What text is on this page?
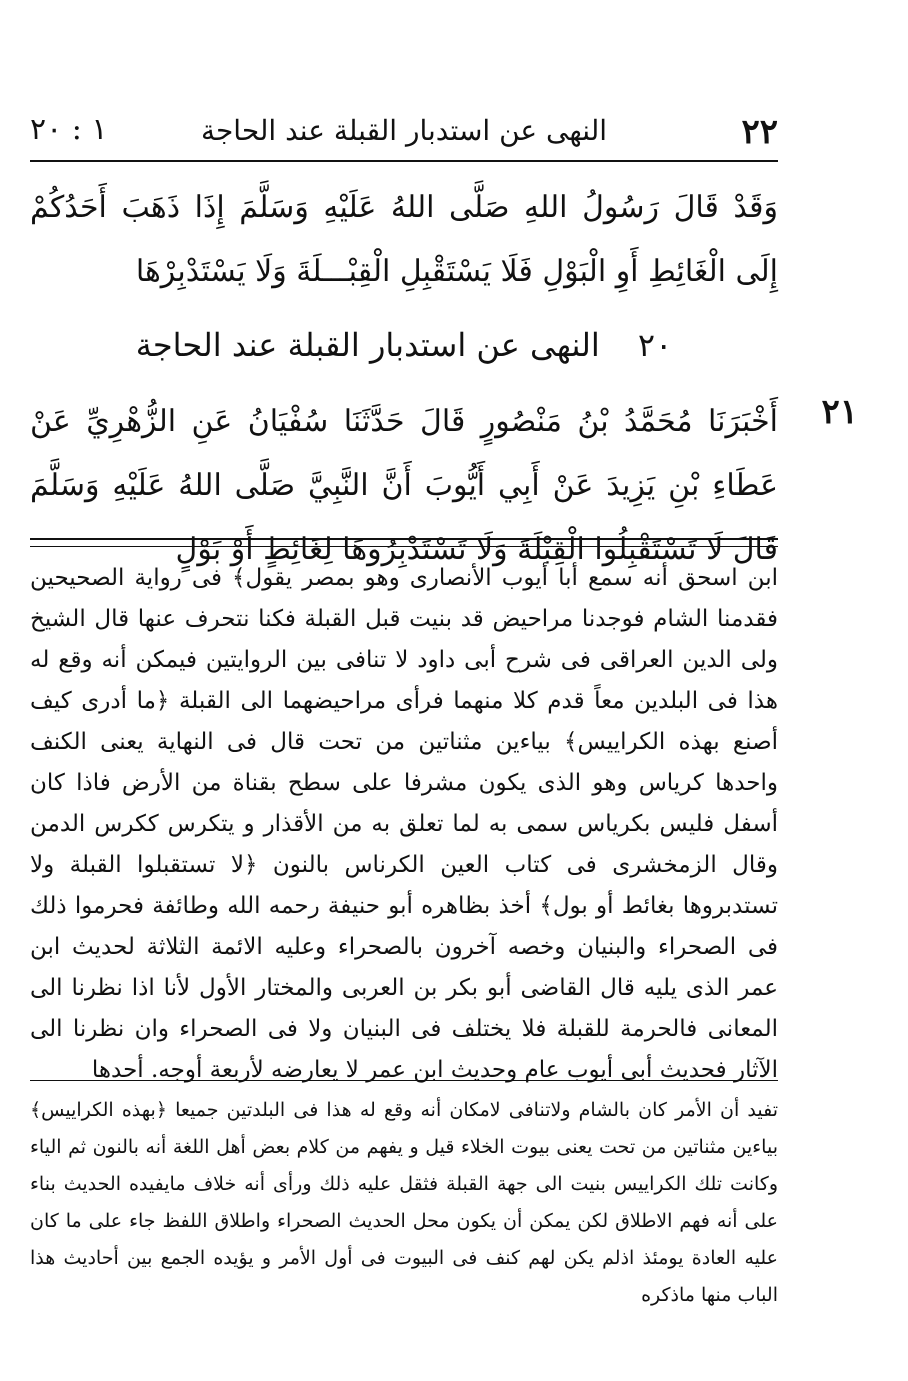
٢٢
النهى عن استدبار القبلة عند الحاجة
١ : ٢٠
وَقَدْ قَالَ رَسُولُ اللهِ صَلَّى اللهُ عَلَيْهِ وَسَلَّمَ إِذَا ذَهَبَ أَحَدُكُمْ إِلَى الْغَائِطِ أَوِ الْبَوْلِ فَلَا يَسْتَقْبِلِ الْقِبْـــلَةَ وَلَا يَسْتَدْبِرْهَا
٢٠ النهى عن استدبار القبلة عند الحاجة
٢١
أَخْبَرَنَا مُحَمَّدُ بْنُ مَنْصُورٍ قَالَ حَدَّثَنَا سُفْيَانُ عَنِ الزُّهْرِيِّ عَنْ عَطَاءِ بْنِ يَزِيدَ عَنْ أَبِي أَيُّوبَ أَنَّ النَّبِيَّ صَلَّى اللهُ عَلَيْهِ وَسَلَّمَ قَالَ لَا تَسْتَقْبِلُوا الْقِبْلَةَ وَلَا تَسْتَدْبِرُوهَا لِغَائِطٍ أَوْ بَوْلٍ
ابن اسحق أنه سمع أبا أيوب الأنصارى وهو بمصر يقول﴾ فى رواية الصحيحين فقدمنا الشام فوجدنا مراحيض قد بنيت قبل القبلة فكنا نتحرف عنها قال الشيخ ولى الدين العراقى فى شرح أبى داود لا تنافى بين الروايتين فيمكن أنه وقع له هذا فى البلدين معاً قدم كلا منهما فرأى مراحيضهما الى القبلة ﴿ما أدرى كيف أصنع بهذه الكراييس﴾ بياءين مثناتين من تحت قال فى النهاية يعنى الكنف واحدها كرياس وهو الذى يكون مشرفا على سطح بقناة من الأرض فاذا كان أسفل فليس بكرياس سمى به لما تعلق به من الأقذار و يتكرس ككرس الدمن وقال الزمخشرى فى كتاب العين الكرناس بالنون ﴿لا تستقبلوا القبلة ولا تستدبروها بغائط أو بول﴾ أخذ بظاهره أبو حنيفة رحمه الله وطائفة فحرموا ذلك فى الصحراء والبنيان وخصه آخرون بالصحراء وعليه الائمة الثلاثة لحديث ابن عمر الذى يليه قال القاضى أبو بكر بن العربى والمختار الأول لأنا اذا نظرنا الى المعانى فالحرمة للقبلة فلا يختلف فى البنيان ولا فى الصحراء وان نظرنا الى الآثار فحديث أبى أيوب عام وحديث ابن عمر لا يعارضه لأربعة أوجه. أحدها
تفيد أن الأمر كان بالشام ولاتنافى لامكان أنه وقع له هذا فى البلدتين جميعا ﴿بهذه الكراييس﴾ بياءين مثناتين من تحت يعنى بيوت الخلاء قيل و يفهم من كلام بعض أهل اللغة أنه بالنون ثم الياء وكانت تلك الكراييس بنيت الى جهة القبلة فثقل عليه ذلك ورأى أنه خلاف مايفيده الحديث بناء على أنه فهم الاطلاق لكن يمكن أن يكون محل الحديث الصحراء واطلاق اللفظ جاء على ما كان عليه العادة يومئذ اذلم يكن لهم كنف فى البيوت فى أول الأمر و يؤيده الجمع بين أحاديث هذا الباب منها ماذكره
